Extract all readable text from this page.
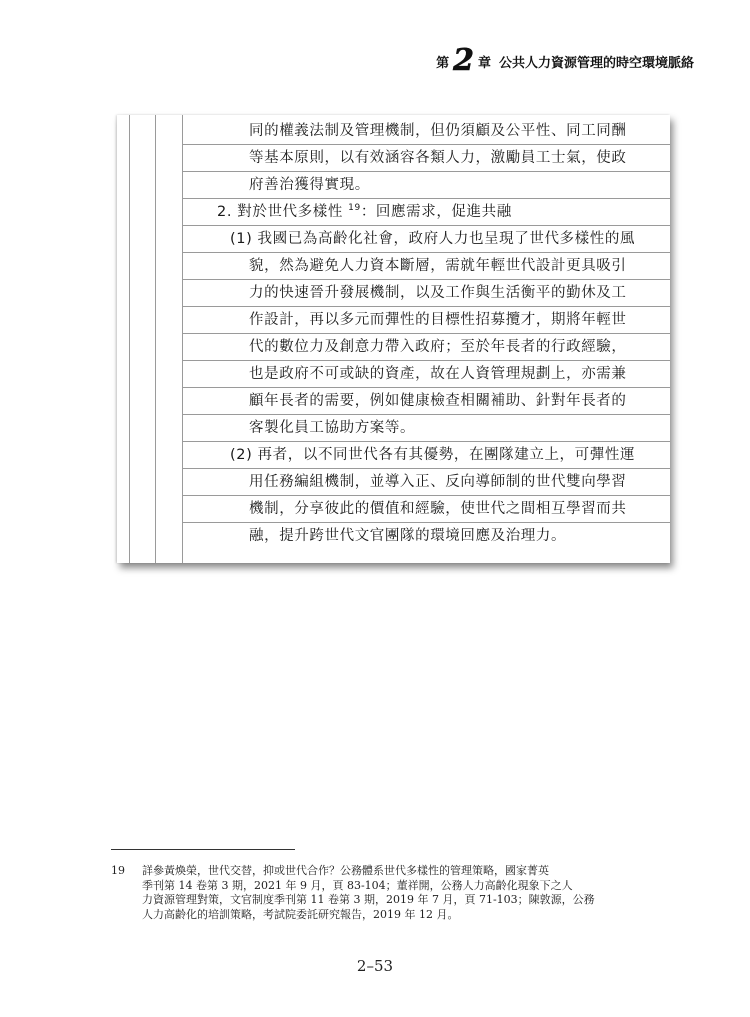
第 2 章 公共人力資源管理的時空環境脈絡
同的權義法制及管理機制，但仍須顧及公平性、同工同酬
等基本原則，以有效涵容各類人力，激勵員工士氣，使政
府善治獲得實現。
2. 對於世代多樣性 $^{19}$：回應需求，促進共融
(1) 我國已為高齡化社會，政府人力也呈現了世代多樣性的風
貌，然為避免人力資本斷層，需就年輕世代設計更具吸引
力的快速晉升發展機制，以及工作與生活衡平的勤休及工
作設計，再以多元而彈性的目標性招募攬才，期將年輕世
代的數位力及創意力帶入政府；至於年長者的行政經驗，
也是政府不可或缺的資產，故在人資管理規劃上，亦需兼
顧年長者的需要，例如健康檢查相關補助、針對年長者的
客製化員工協助方案等。
(2) 再者，以不同世代各有其優勢，在團隊建立上，可彈性運
用任務編組機制，並導入正、反向導師制的世代雙向學習
機制，分享彼此的價值和經驗，使世代之間相互學習而共
融，提升跨世代文官團隊的環境回應及治理力。
19 詳參黃煥榮，世代交替，抑或世代合作？公務體系世代多樣性的管理策略，國家菁英
季刊第 14 卷第 3 期，2021 年 9 月，頁 83-104；董祥開，公務人力高齡化現象下之人
力資源管理對策，文官制度季刊第 11 卷第 3 期，2019 年 7 月，頁 71-103；陳敦源，公務
人力高齡化的培訓策略，考試院委託研究報告，2019 年 12 月。
2–53
